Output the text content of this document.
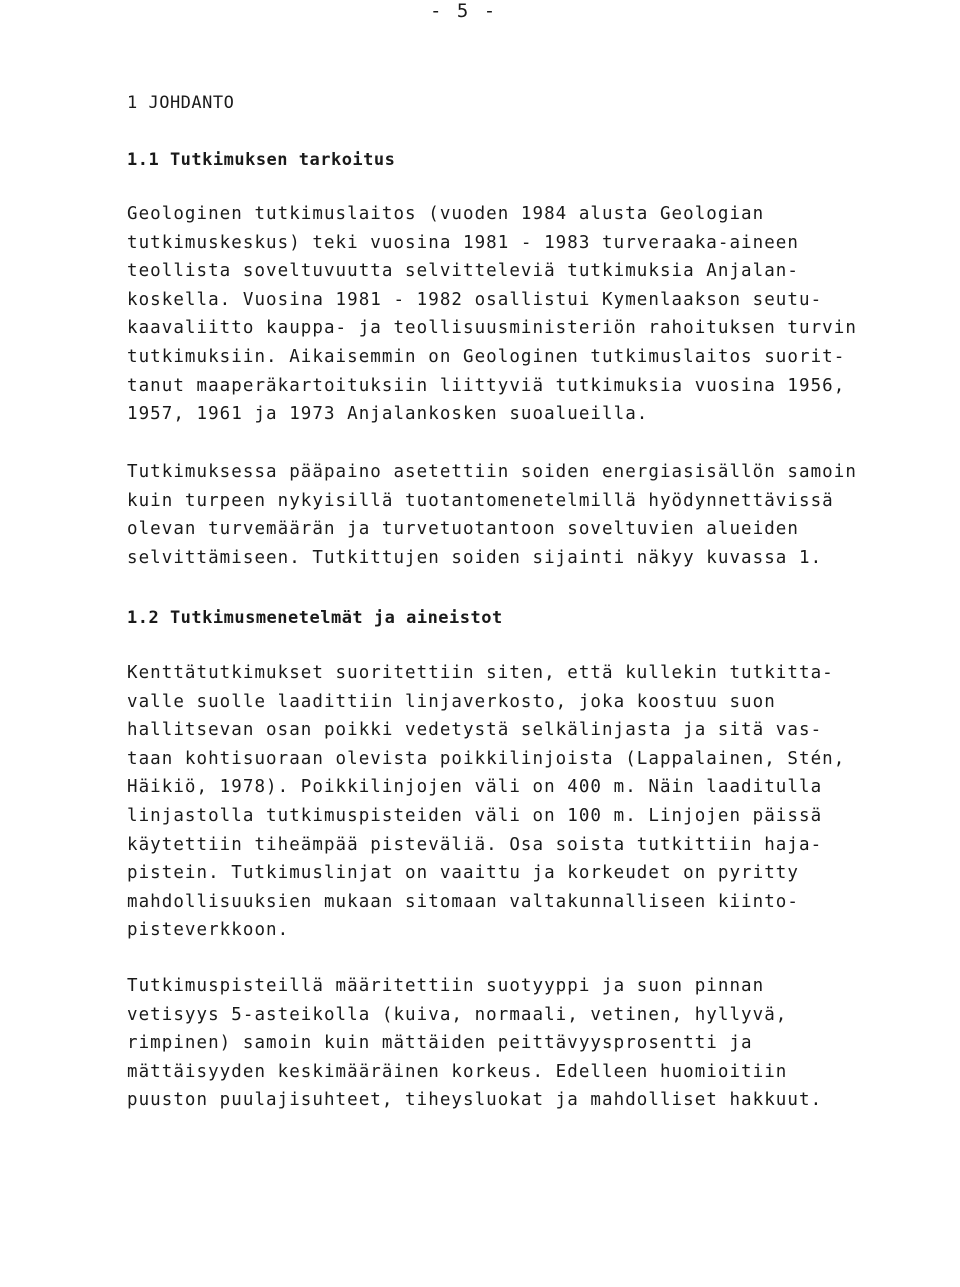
- 5 -
1 JOHDANTO
1.1 Tutkimuksen tarkoitus

Geologinen tutkimuslaitos (vuoden 1984 alusta Geologian
tutkimuskeskus) teki vuosina 1981 - 1983 turveraaka-aineen
teollista soveltuvuutta selvitteleviä tutkimuksia Anjalan-
koskella. Vuosina 1981 - 1982 osallistui Kymenlaakson seutu-
kaavaliitto kauppa- ja teollisuusministeriön rahoituksen turvin
tutkimuksiin. Aikaisemmin on Geologinen tutkimuslaitos suorit-
tanut maaperäkartoituksiin liittyviä tutkimuksia vuosina 1956,
1957, 1961 ja 1973 Anjalankosken suoalueilla.

Tutkimuksessa pääpaino asetettiin soiden energiasisällön samoin
kuin turpeen nykyisillä tuotantomenetelmillä hyödynnettävissä
olevan turvemäärän ja turvetuotantoon soveltuvien alueiden
selvittämiseen. Tutkittujen soiden sijainti näkyy kuvassa 1.

1.2 Tutkimusmenetelmät ja aineistot

Kenttätutkimukset suoritettiin siten, että kullekin tutkitta-
valle suolle laadittiin linjaverkosto, joka koostuu suon
hallitsevan osan poikki vedetystä selkälinjasta ja sitä vas-
taan kohtisuoraan olevista poikkilinjoista (Lappalainen, Stén,
Häikiö, 1978). Poikkilinjojen väli on 400 m. Näin laaditulla
linjastolla tutkimuspisteiden väli on 100 m. Linjojen päissä
käytettiin tiheämpää pisteväliä. Osa soista tutkittiin haja-
pistein. Tutkimuslinjat on vaaittu ja korkeudet on pyritty
mahdollisuuksien mukaan sitomaan valtakunnalliseen kiinto-
pisteverkkoon.

Tutkimuspisteillä määritettiin suotyyppi ja suon pinnan
vetisyys 5-asteikolla (kuiva, normaali, vetinen, hyllyvä,
rimpinen) samoin kuin mättäiden peittävyysprosentti ja
mättäisyyden keskimääräinen korkeus. Edelleen huomioitiin
puuston puulajisuhteet, tiheysluokat ja mahdolliset hakkuut.
